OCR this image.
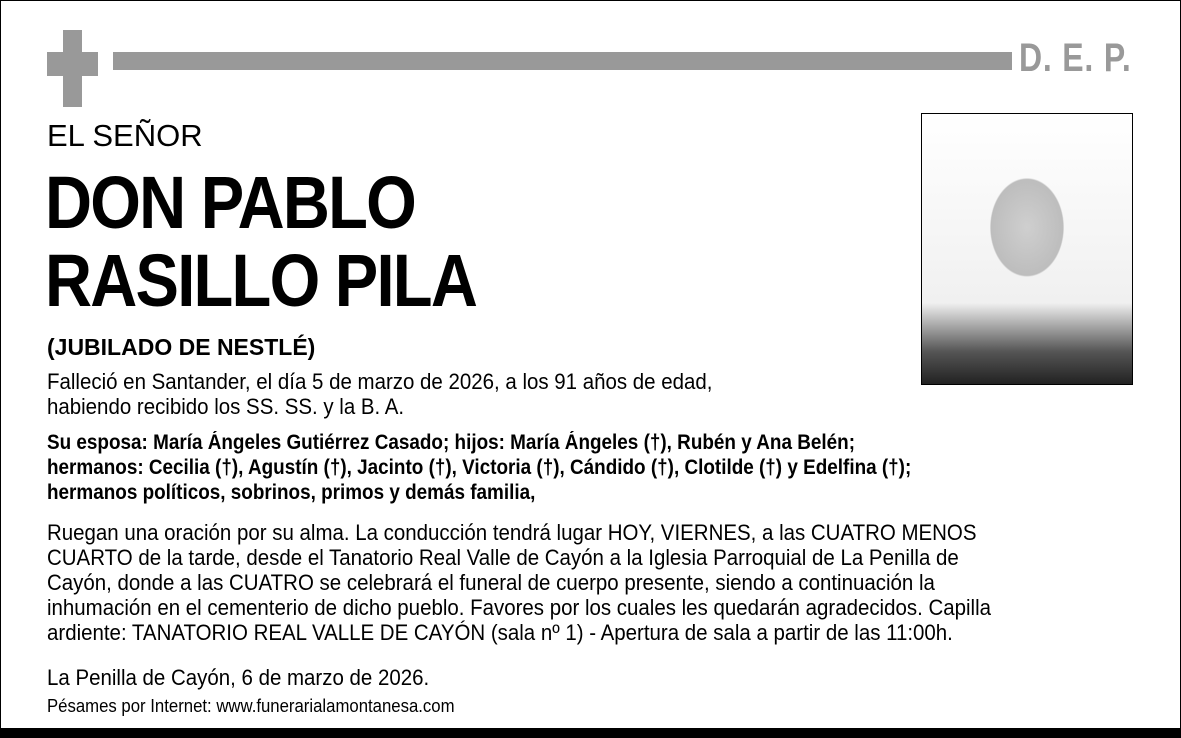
D. E. P.
EL SEÑOR
DON PABLO
RASILLO PILA
(JUBILADO DE NESTLÉ)
Falleció en Santander, el día 5 de marzo de 2026, a los 91 años de edad,
habiendo recibido los SS. SS. y la B. A.
Su esposa: María Ángeles Gutiérrez Casado; hijos: María Ángeles (†), Rubén y Ana Belén;
hermanos: Cecilia (†), Agustín (†), Jacinto (†), Victoria (†), Cándido (†), Clotilde (†) y Edelfina (†);
hermanos políticos, sobrinos, primos y demás familia,
Ruegan una oración por su alma. La conducción tendrá lugar HOY, VIERNES, a las CUATRO MENOS
CUARTO de la tarde, desde el Tanatorio Real Valle de Cayón a la Iglesia Parroquial de La Penilla de
Cayón, donde a las CUATRO se celebrará el funeral de cuerpo presente, siendo a continuación la
inhumación en el cementerio de dicho pueblo. Favores por los cuales les quedarán agradecidos. Capilla
ardiente: TANATORIO REAL VALLE DE CAYÓN (sala nº 1) - Apertura de sala a partir de las 11:00h.
La Penilla de Cayón, 6 de marzo de 2026.
Pésames por Internet: www.funerarialamontanesa.com
